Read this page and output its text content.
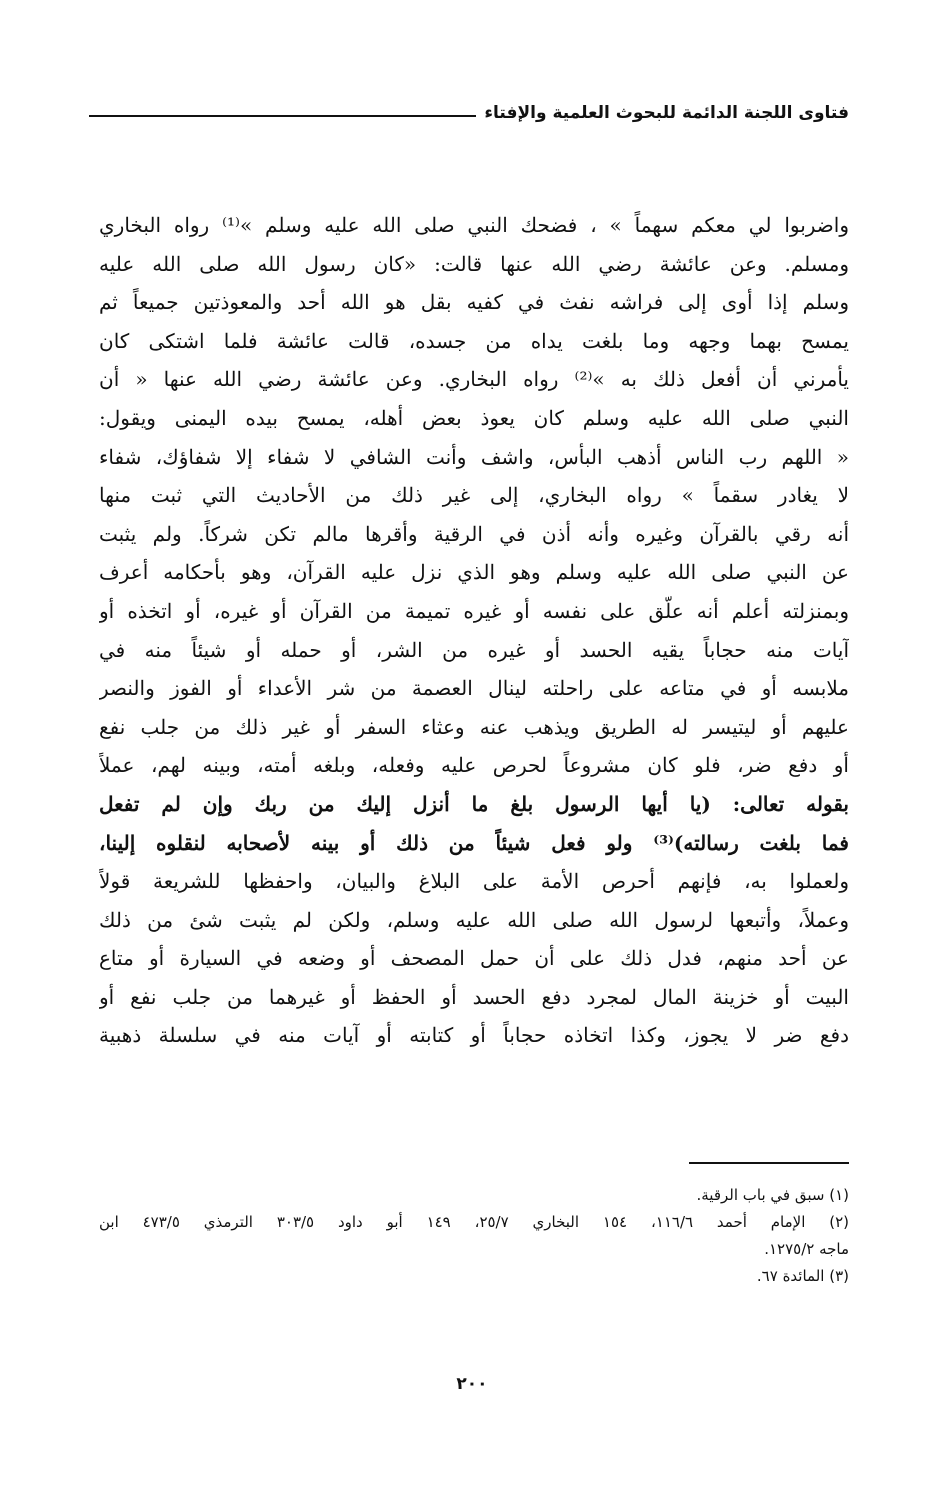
فتاوى اللجنة الدائمة للبحوث العلمية والإفتاء
واضربوا لي معكم سهماً » ، فضحك النبي صلى الله عليه وسلم »⁽¹⁾ رواه البخاري
ومسلم. وعن عائشة رضي الله عنها قالت: «كان رسول الله صلى الله عليه
وسلم إذا أوى إلى فراشه نفث في كفيه بقل هو الله أحد والمعوذتين جميعاً ثم
يمسح بهما وجهه وما بلغت يداه من جسده، قالت عائشة فلما اشتكى كان
يأمرني أن أفعل ذلك به »⁽²⁾ رواه البخاري. وعن عائشة رضي الله عنها « أن
النبي صلى الله عليه وسلم كان يعوذ بعض أهله، يمسح بيده اليمنى ويقول:
« اللهم رب الناس أذهب البأس، واشف وأنت الشافي لا شفاء إلا شفاؤك، شفاء
لا يغادر سقماً » رواه البخاري، إلى غير ذلك من الأحاديث التي ثبت منها
أنه رقي بالقرآن وغيره وأنه أذن في الرقية وأقرها مالم تكن شركاً. ولم يثبت
عن النبي صلى الله عليه وسلم وهو الذي نزل عليه القرآن، وهو بأحكامه أعرف
وبمنزلته أعلم أنه علّق على نفسه أو غيره تميمة من القرآن أو غيره، أو اتخذه أو
آيات منه حجاباً يقيه الحسد أو غيره من الشر، أو حمله أو شيئاً منه في
ملابسه أو في متاعه على راحلته لينال العصمة من شر الأعداء أو الفوز والنصر
عليهم أو ليتيسر له الطريق ويذهب عنه وعثاء السفر أو غير ذلك من جلب نفع
أو دفع ضر، فلو كان مشروعاً لحرص عليه وفعله، وبلغه أمته، وبينه لهم، عملاً
بقوله تعالى: (يا أيها الرسول بلغ ما أنزل إليك من ربك وإن لم تفعل
فما بلغت رسالته)⁽³⁾ ولو فعل شيئاً من ذلك أو بينه لأصحابه لنقلوه إلينا،
ولعملوا به، فإنهم أحرص الأمة على البلاغ والبيان، واحفظها للشريعة قولاً
وعملاً، وأتبعها لرسول الله صلى الله عليه وسلم، ولكن لم يثبت شئ من ذلك
عن أحد منهم، فدل ذلك على أن حمل المصحف أو وضعه في السيارة أو متاع
البيت أو خزينة المال لمجرد دفع الحسد أو الحفظ أو غيرهما من جلب نفع أو
دفع ضر لا يجوز، وكذا اتخاذه حجاباً أو كتابته أو آيات منه في سلسلة ذهبية
(١) سبق في باب الرقية.
(٢) الإمام أحمد ١١٦/٦، ١٥٤ البخاري ٢٥/٧، ١٤٩ أبو داود ٣٠٣/٥ الترمذي ٤٧٣/٥ ابن
ماجه ١٢٧٥/٢.
(٣) المائدة ٦٧.
٢٠٠
